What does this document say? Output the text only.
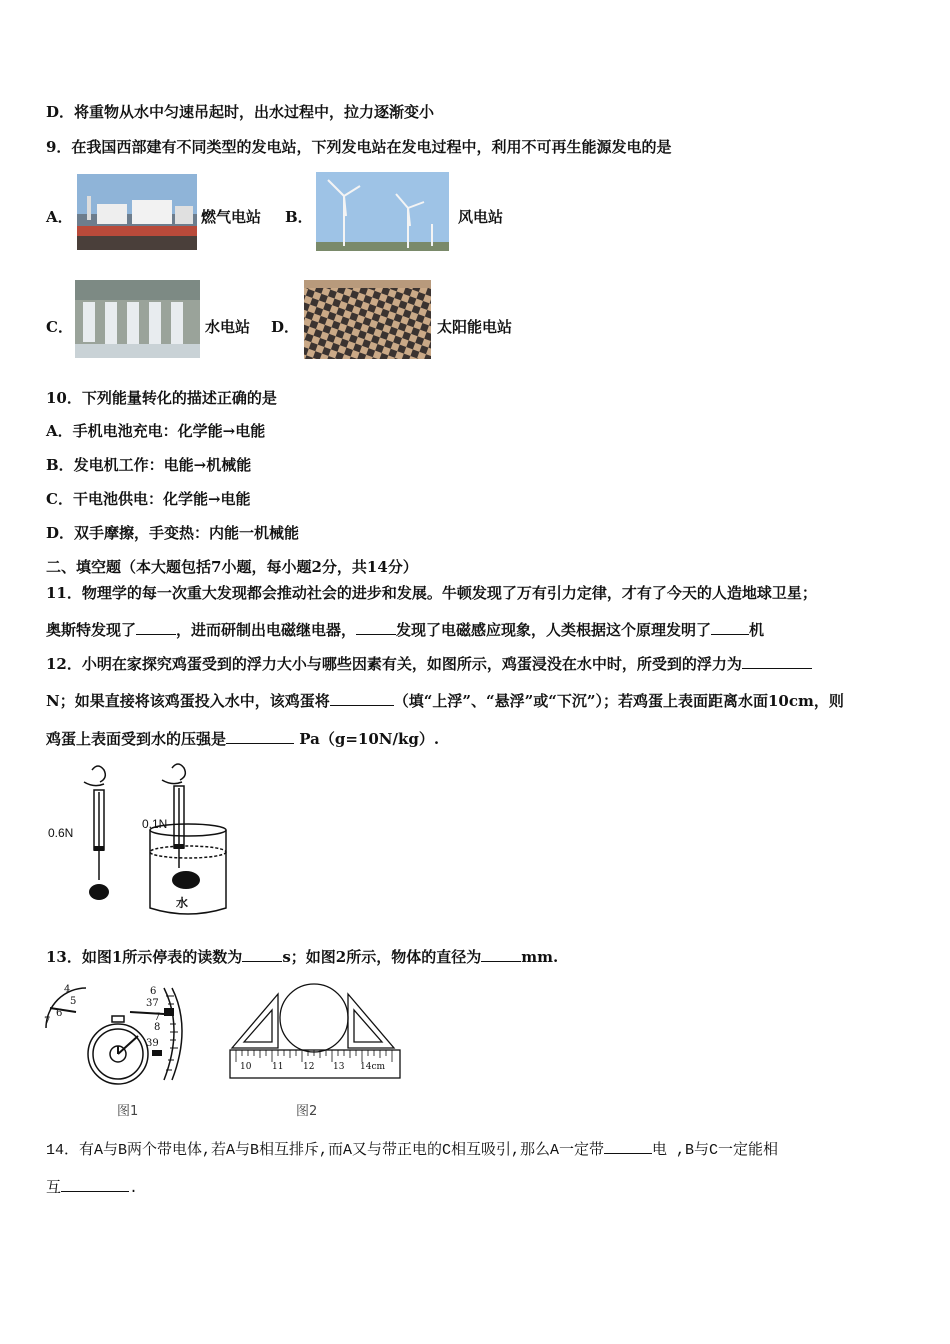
D．将重物从水中匀速吊起时，出水过程中，拉力逐渐变小
9．在我国西部建有不同类型的发电站，下列发电站在发电过程中，利用不可再生能源发电的是
A．	燃气电站 B．	风电站
C．	水电站 D．	太阳能电站
10．下列能量转化的描述正确的是
A．手机电池充电：化学能→电能
B．发电机工作：电能→机械能
C．干电池供电：化学能→电能
D．双手摩擦，手变热：内能一机械能
二、填空题（本大题包括7小题，每小题2分，共14分）
11．物理学的每一次重大发现都会推动社会的进步和发展。牛顿发现了万有引力定律，才有了今天的人造地球卫星；
奥斯特发现了	，进而研制出电磁继电器，	发现了电磁感应现象，人类根据这个原理发明了	机
12．小明在家探究鸡蛋受到的浮力大小与哪些因素有关，如图所示，鸡蛋浸没在水中时，所受到的浮力为
N；如果直接将该鸡蛋投入水中，该鸡蛋将	（填“上浮”、“悬浮”或“下沉”）；若鸡蛋上表面距离水面10cm，则
鸡蛋上表面受到水的压强是	Pa（g=10N/kg）.
0.6N
0.1N
水
13．如图1所示停表的读数为	s；如图2所示，物体的直径为	mm.
4
5
6
7
6
37
7
8
39
图1
10 11 12 13 14cm
图2
14．有A与B两个带电体,若A与B相互排斥,而A又与带正电的C相互吸引,那么A一定带	电 ,B与C一定能相
互	.
